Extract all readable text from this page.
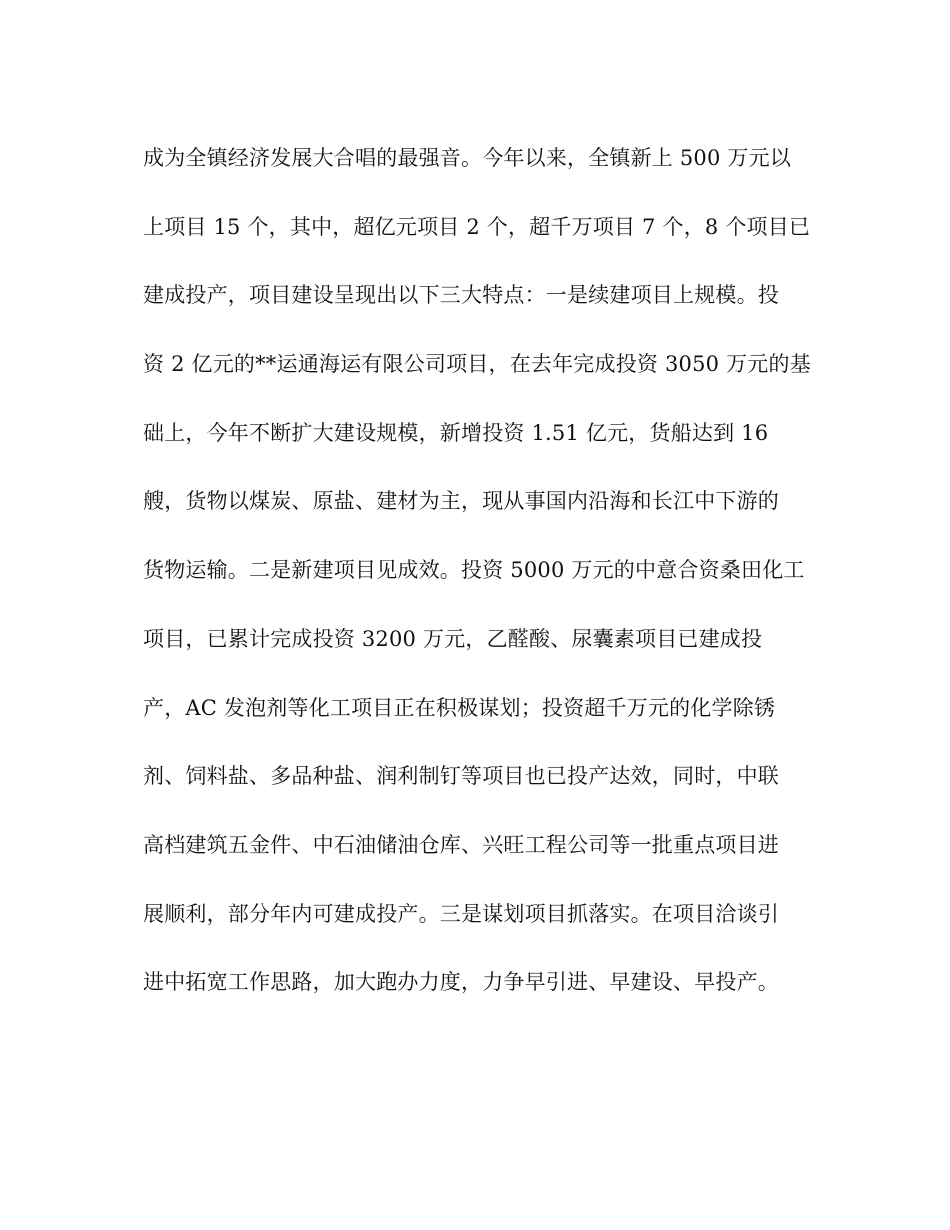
成为全镇经济发展大合唱的最强音。今年以来，全镇新上 500 万元以
上项目 15 个，其中，超亿元项目 2 个，超千万项目 7 个，8 个项目已
建成投产，项目建设呈现出以下三大特点：一是续建项目上规模。投
资 2 亿元的**运通海运有限公司项目，在去年完成投资 3050 万元的基
础上，今年不断扩大建设规模，新增投资 1.51 亿元，货船达到 16
艘，货物以煤炭、原盐、建材为主，现从事国内沿海和长江中下游的
货物运输。二是新建项目见成效。投资 5000 万元的中意合资桑田化工
项目，已累计完成投资 3200 万元，乙醛酸、尿囊素项目已建成投
产，AC 发泡剂等化工项目正在积极谋划；投资超千万元的化学除锈
剂、饲料盐、多品种盐、润利制钉等项目也已投产达效，同时，中联
高档建筑五金件、中石油储油仓库、兴旺工程公司等一批重点项目进
展顺利，部分年内可建成投产。三是谋划项目抓落实。在项目洽谈引
进中拓宽工作思路，加大跑办力度，力争早引进、早建设、早投产。
